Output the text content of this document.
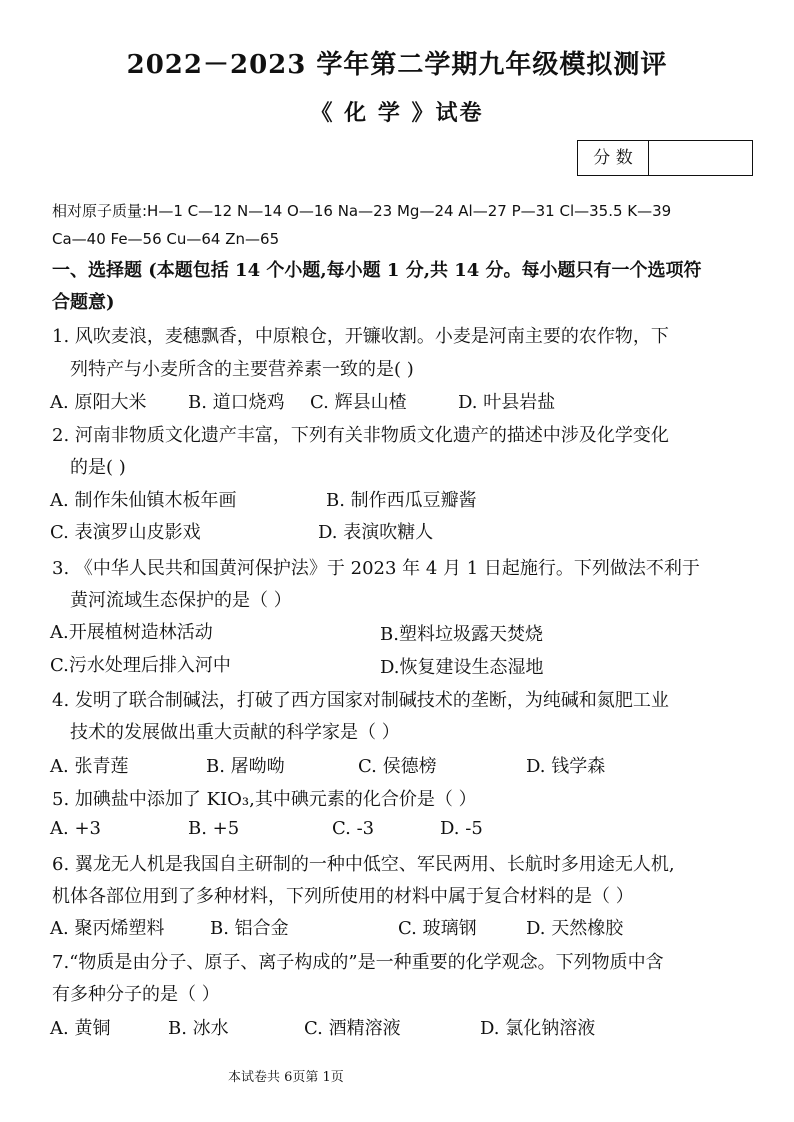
2022－2023 学年第二学期九年级模拟测评
《 化 学 》试卷
分 数
相对原子质量:H—1 C—12 N—14 O—16 Na—23 Mg—24 Al—27 P—31 Cl—35.5 K—39
Ca—40 Fe—56 Cu—64 Zn—65
一、选择题 (本题包括 14 个小题,每小题 1 分,共 14 分。每小题只有一个选项符
合题意)
1. 风吹麦浪，麦穗飘香，中原粮仓，开镰收割。小麦是河南主要的农作物，下
列特产与小麦所含的主要营养素一致的是( )
A. 原阳大米 B. 道口烧鸡 C. 辉县山楂	D. 叶县岩盐
2. 河南非物质文化遗产丰富，下列有关非物质文化遗产的描述中涉及化学变化
的是( )
A. 制作朱仙镇木板年画	B. 制作西瓜豆瓣酱
C. 表演罗山皮影戏	D. 表演吹糖人
3. 《中华人民共和国黄河保护法》于 2023 年 4 月 1 日起施行。下列做法不利于
黄河流域生态保护的是（ ）
A.开展植树造林活动	B.塑料垃圾露天焚烧
C.污水处理后排入河中	D.恢复建设生态湿地
4. 发明了联合制碱法，打破了西方国家对制碱技术的垄断，为纯碱和氮肥工业
技术的发展做出重大贡献的科学家是（ ）
A. 张青莲	B. 屠呦呦	C. 侯德榜	D. 钱学森
5. 加碘盐中添加了 KIO₃,其中碘元素的化合价是（ ）
A. +3	B. +5	C. -3	D. -5
6. 翼龙无人机是我国自主研制的一种中低空、军民两用、长航时多用途无人机,
机体各部位用到了多种材料，下列所使用的材料中属于复合材料的是（ ）
A. 聚丙烯塑料	B. 铝合金	C. 玻璃钢	D. 天然橡胶
7.“物质是由分子、原子、离子构成的”是一种重要的化学观念。下列物质中含
有多种分子的是（ ）
A. 黄铜	B. 冰水	C. 酒精溶液	D. 氯化钠溶液
本试卷共 6页第 1页
